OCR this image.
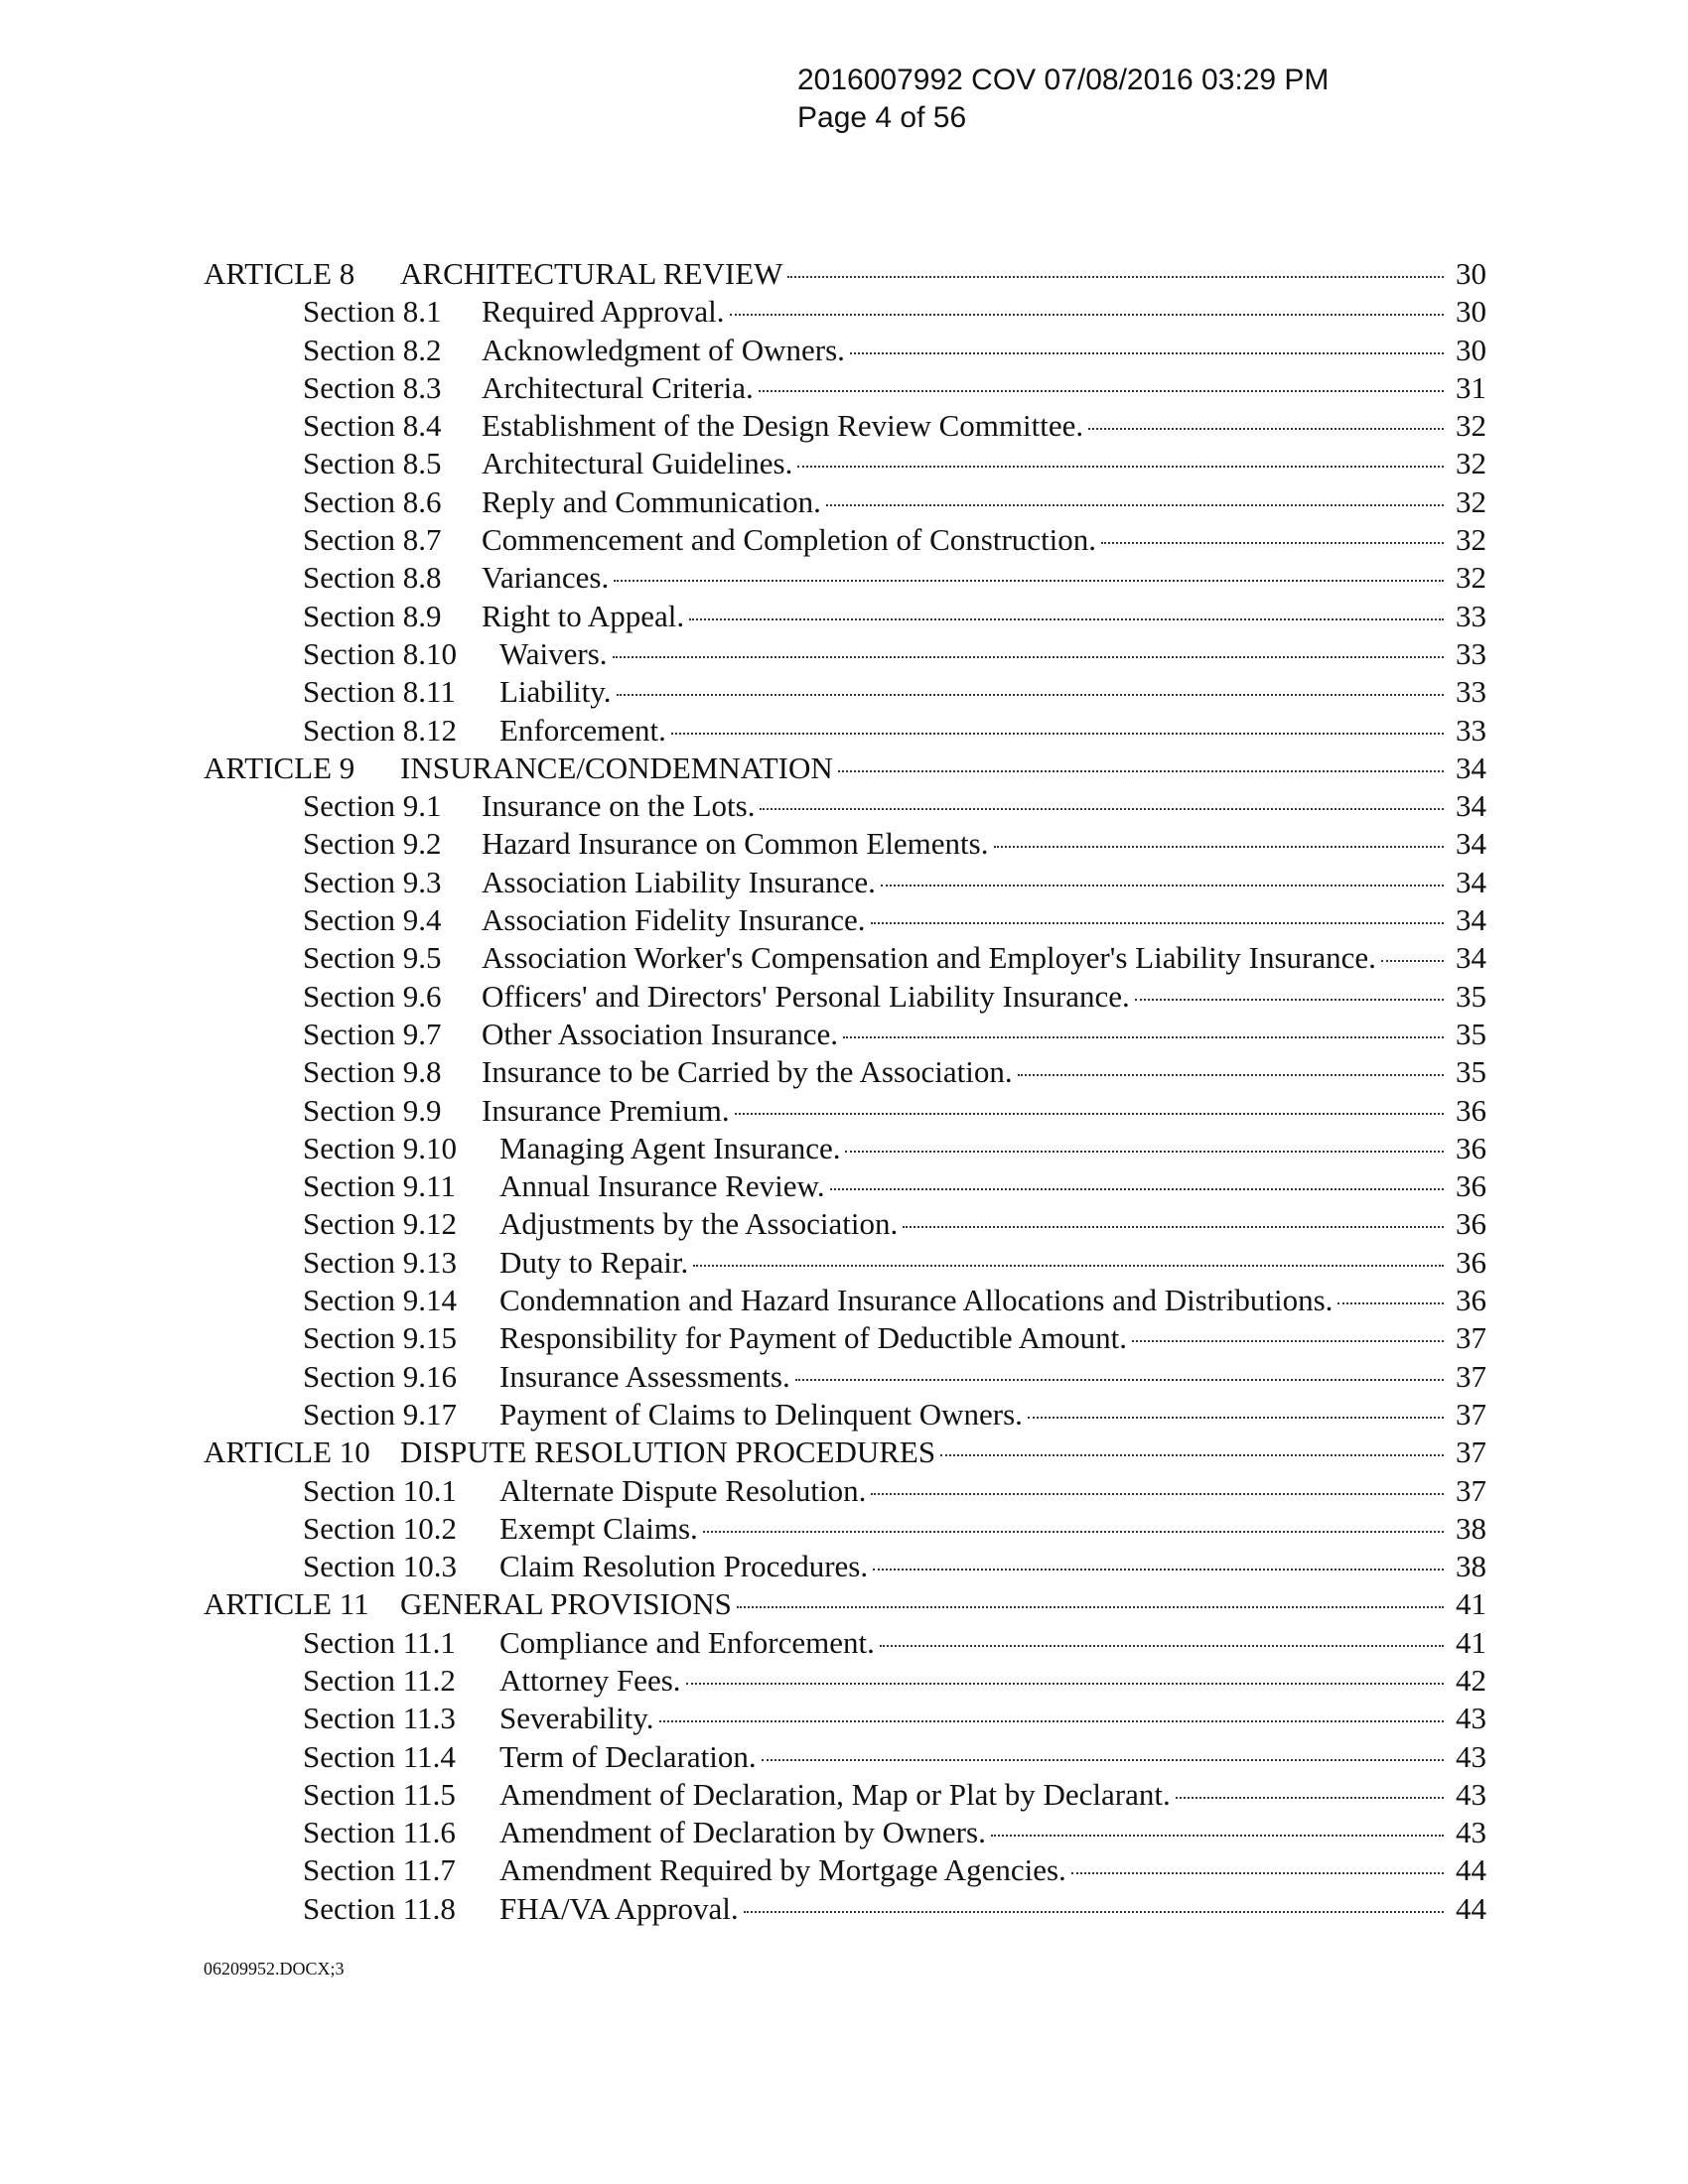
2016007992 COV 07/08/2016 03:29 PM
Page 4 of 56
ARTICLE 8	ARCHITECTURAL REVIEW	30
Section 8.1	Required Approval.	30
Section 8.2	Acknowledgment of Owners.	30
Section 8.3	Architectural Criteria.	31
Section 8.4	Establishment of the Design Review Committee.	32
Section 8.5	Architectural Guidelines.	32
Section 8.6	Reply and Communication.	32
Section 8.7	Commencement and Completion of Construction.	32
Section 8.8	Variances.	32
Section 8.9	Right to Appeal.	33
Section 8.10	Waivers.	33
Section 8.11	Liability.	33
Section 8.12	Enforcement.	33
ARTICLE 9	INSURANCE/CONDEMNATION	34
Section 9.1	Insurance on the Lots.	34
Section 9.2	Hazard Insurance on Common Elements.	34
Section 9.3	Association Liability Insurance.	34
Section 9.4	Association Fidelity Insurance.	34
Section 9.5	Association Worker's Compensation and Employer's Liability Insurance.	34
Section 9.6	Officers' and Directors' Personal Liability Insurance.	35
Section 9.7	Other Association Insurance.	35
Section 9.8	Insurance to be Carried by the Association.	35
Section 9.9	Insurance Premium.	36
Section 9.10	Managing Agent Insurance.	36
Section 9.11	Annual Insurance Review.	36
Section 9.12	Adjustments by the Association.	36
Section 9.13	Duty to Repair.	36
Section 9.14	Condemnation and Hazard Insurance Allocations and Distributions.	36
Section 9.15	Responsibility for Payment of Deductible Amount.	37
Section 9.16	Insurance Assessments.	37
Section 9.17	Payment of Claims to Delinquent Owners.	37
ARTICLE 10 DISPUTE RESOLUTION PROCEDURES	37
Section 10.1	Alternate Dispute Resolution.	37
Section 10.2	Exempt Claims.	38
Section 10.3	Claim Resolution Procedures.	38
ARTICLE 11	GENERAL PROVISIONS	41
Section 11.1	Compliance and Enforcement.	41
Section 11.2	Attorney Fees.	42
Section 11.3	Severability.	43
Section 11.4	Term of Declaration.	43
Section 11.5	Amendment of Declaration, Map or Plat by Declarant.	43
Section 11.6	Amendment of Declaration by Owners.	43
Section 11.7	Amendment Required by Mortgage Agencies.	44
Section 11.8	FHA/VA Approval.	44
06209952.DOCX;3
